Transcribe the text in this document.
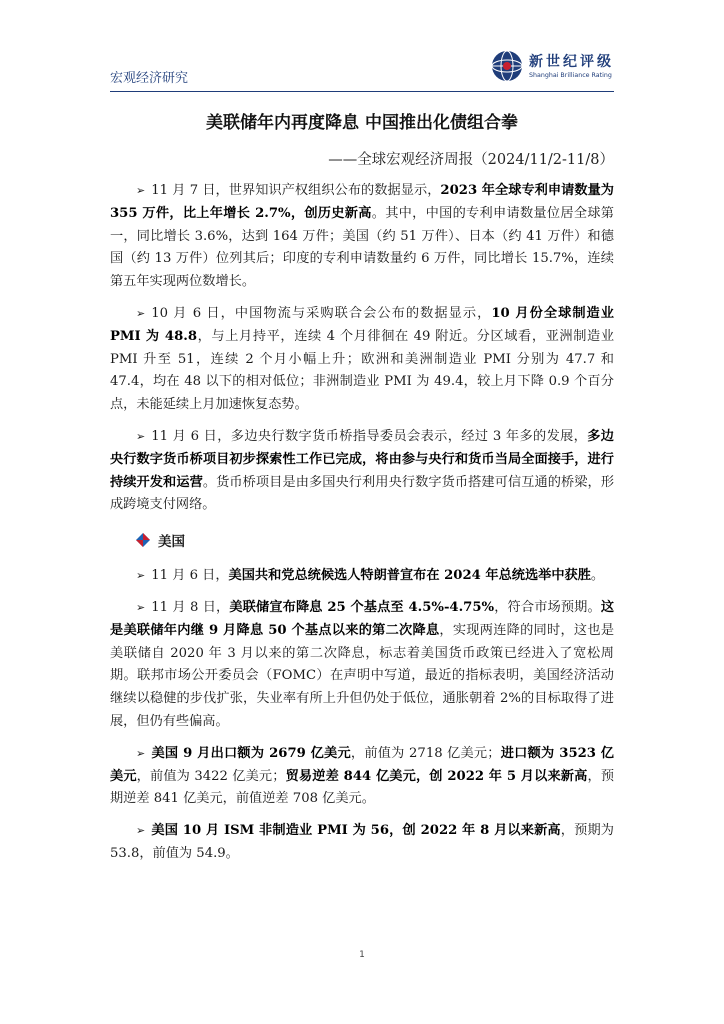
宏观经济研究
新世纪评级
Shanghai Brilliance Rating
美联储年内再度降息 中国推出化债组合拳
——全球宏观经济周报（2024/11/2-11/8）

➢ 11 月 7 日，世界知识产权组织公布的数据显示，2023 年全球专利申请数量为 355 万件，比上年增长 2.7%，创历史新高。其中，中国的专利申请数量位居全球第一，同比增长 3.6%，达到 164 万件；美国（约 51 万件）、日本（约 41 万件）和德国（约 13 万件）位列其后；印度的专利申请数量约 6 万件，同比增长 15.7%，连续第五年实现两位数增长。

➢ 10 月 6 日，中国物流与采购联合会公布的数据显示，10 月份全球制造业 PMI 为 48.8，与上月持平，连续 4 个月徘徊在 49 附近。分区域看，亚洲制造业 PMI 升至 51，连续 2 个月小幅上升；欧洲和美洲制造业 PMI 分别为 47.7 和 47.4，均在 48 以下的相对低位；非洲制造业 PMI 为 49.4，较上月下降 0.9 个百分点，未能延续上月加速恢复态势。

➢ 11 月 6 日，多边央行数字货币桥指导委员会表示，经过 3 年多的发展，多边央行数字货币桥项目初步探索性工作已完成，将由参与央行和货币当局全面接手，进行持续开发和运营。货币桥项目是由多国央行利用央行数字货币搭建可信互通的桥梁，形成跨境支付网络。

美国

➢ 11 月 6 日，美国共和党总统候选人特朗普宣布在 2024 年总统选举中获胜。

➢ 11 月 8 日，美联储宣布降息 25 个基点至 4.5%-4.75%，符合市场预期。这是美联储年内继 9 月降息 50 个基点以来的第二次降息，实现两连降的同时，这也是美联储自 2020 年 3 月以来的第二次降息，标志着美国货币政策已经进入了宽松周期。联邦市场公开委员会（FOMC）在声明中写道，最近的指标表明，美国经济活动继续以稳健的步伐扩张，失业率有所上升但仍处于低位，通胀朝着 2%的目标取得了进展，但仍有些偏高。

➢ 美国 9 月出口额为 2679 亿美元，前值为 2718 亿美元；进口额为 3523 亿美元，前值为 3422 亿美元；贸易逆差 844 亿美元，创 2022 年 5 月以来新高，预期逆差 841 亿美元，前值逆差 708 亿美元。

➢ 美国 10 月 ISM 非制造业 PMI 为 56，创 2022 年 8 月以来新高，预期为 53.8，前值为 54.9。

1
